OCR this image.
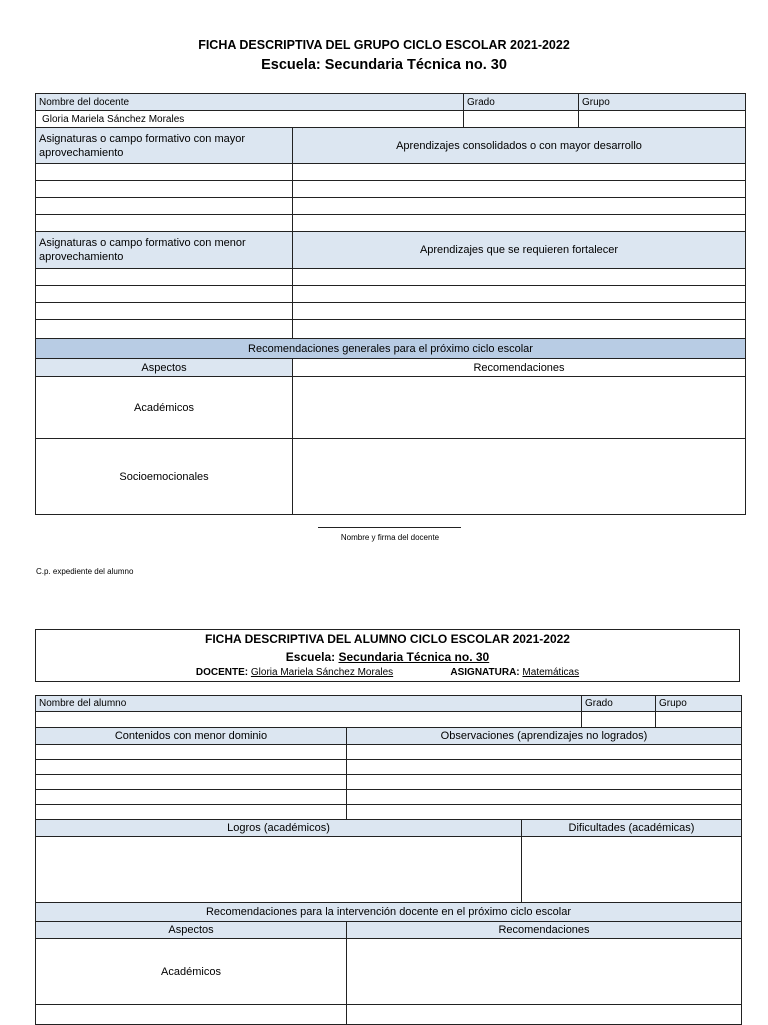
FICHA DESCRIPTIVA DEL GRUPO CICLO ESCOLAR 2021-2022
Escuela: Secundaria Técnica no. 30
Nombre del docente		Grado	Grupo
Gloria Mariela Sánchez Morales			
Asignaturas o campo formativo con mayor aprovechamiento	Aprendizajes consolidados o con mayor desarrollo		

Asignaturas o campo formativo con menor aprovechamiento	Aprendizajes que se requieren fortalecer		

Recomendaciones generales para el próximo ciclo escolar			
Aspectos	Recomendaciones		
Académicos			
Socioemocionales			
Nombre y firma del docente
C.p. expediente del alumno
FICHA DESCRIPTIVA DEL ALUMNO CICLO ESCOLAR 2021-2022
Escuela: Secundaria Técnica no. 30
DOCENTE: Gloria Mariela Sánchez Morales	ASIGNATURA: Matemáticas
Nombre del alumno			Grado	Grupo

Contenidos con menor dominio	Observaciones (aprendizajes no logrados)			

Logros (académicos)		Dificultades (académicas)		

Recomendaciones para la intervención docente en el próximo ciclo escolar				
Aspectos	Recomendaciones			
Académicos				
